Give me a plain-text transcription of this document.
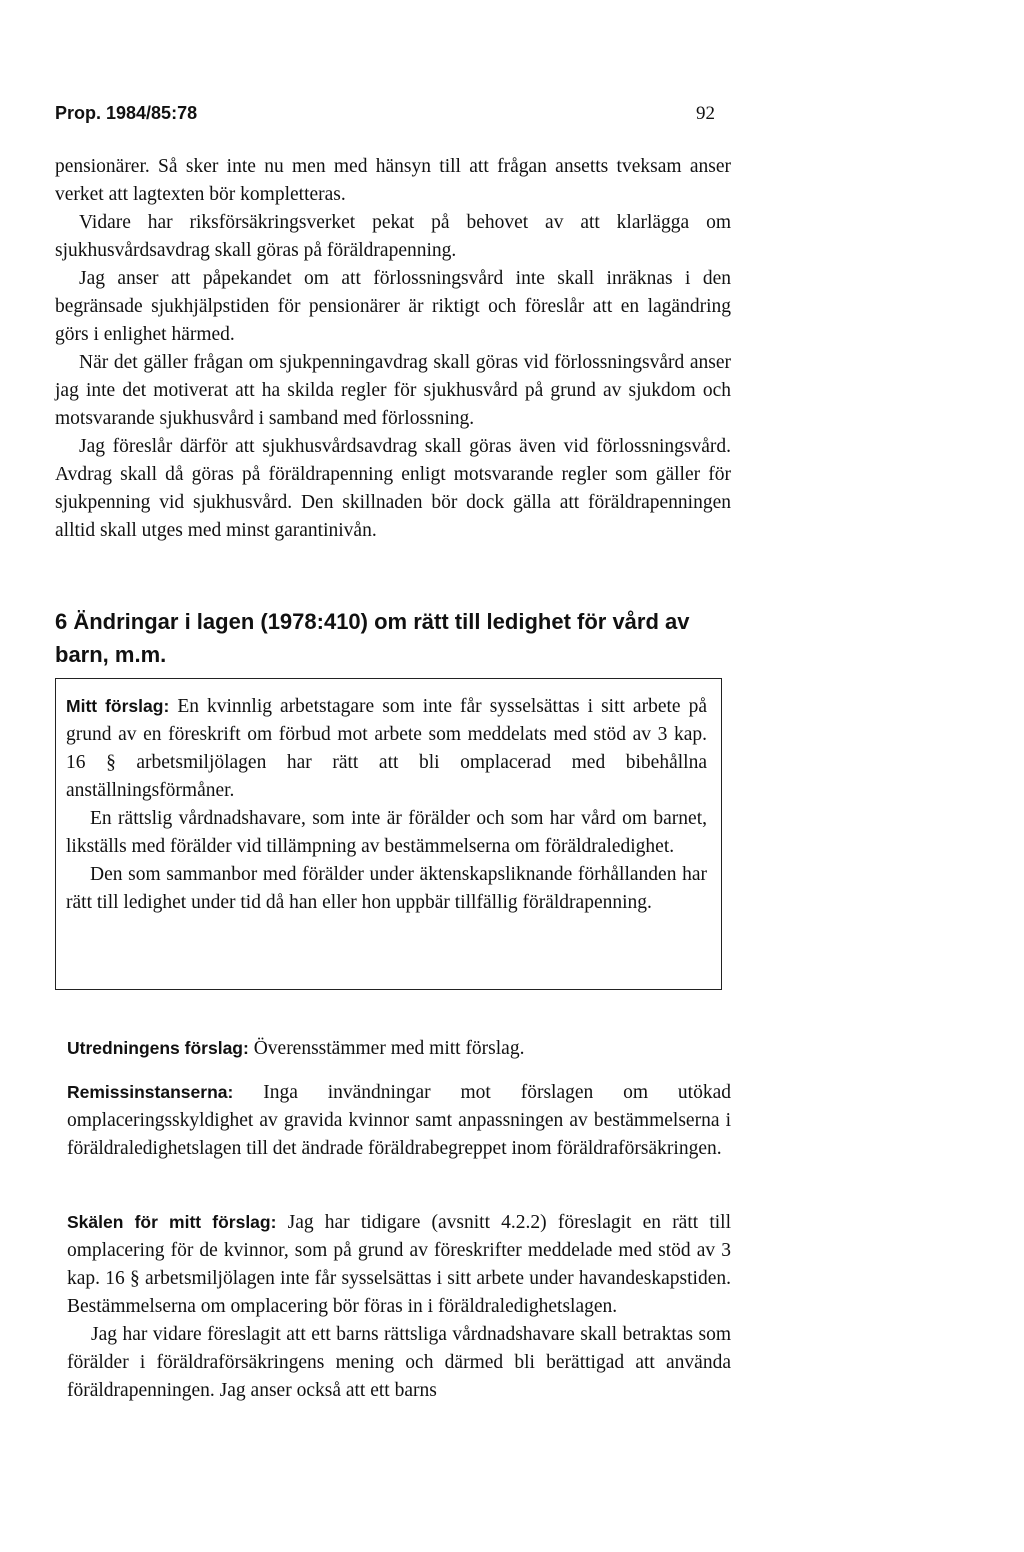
Prop. 1984/85:78	92

pensionärer. Så sker inte nu men med hänsyn till att frågan ansetts tveksam anser verket att lagtexten bör kompletteras.

Vidare har riksförsäkringsverket pekat på behovet av att klarlägga om sjukhusvårdsavdrag skall göras på föräldrapenning.

Jag anser att påpekandet om att förlossningsvård inte skall inräknas i den begränsade sjukhjälpstiden för pensionärer är riktigt och föreslår att en lagändring görs i enlighet härmed.

När det gäller frågan om sjukpenningavdrag skall göras vid förlossningsvård anser jag inte det motiverat att ha skilda regler för sjukhusvård på grund av sjukdom och motsvarande sjukhusvård i samband med förlossning.

Jag föreslår därför att sjukhusvårdsavdrag skall göras även vid förlossningsvård. Avdrag skall då göras på föräldrapenning enligt motsvarande regler som gäller för sjukpenning vid sjukhusvård. Den skillnaden bör dock gälla att föräldrapenningen alltid skall utges med minst garantinivån.

6 Ändringar i lagen (1978:410) om rätt till ledighet för vård av barn, m.m.

Mitt förslag: En kvinnlig arbetstagare som inte får sysselsättas i sitt arbete på grund av en föreskrift om förbud mot arbete som meddelats med stöd av 3 kap. 16 § arbetsmiljölagen har rätt att bli omplacerad med bibehållna anställningsförmåner.

En rättslig vårdnadshavare, som inte är förälder och som har vård om barnet, likställs med förälder vid tillämpning av bestämmelserna om föräldraledighet.

Den som sammanbor med förälder under äktenskapsliknande förhållanden har rätt till ledighet under tid då han eller hon uppbär tillfällig föräldrapenning.

Utredningens förslag: Överensstämmer med mitt förslag.

Remissinstanserna: Inga invändningar mot förslagen om utökad omplaceringsskyldighet av gravida kvinnor samt anpassningen av bestämmelserna i föräldraledighetslagen till det ändrade föräldrabegreppet inom föräldraförsäkringen.

Skälen för mitt förslag: Jag har tidigare (avsnitt 4.2.2) föreslagit en rätt till omplacering för de kvinnor, som på grund av föreskrifter meddelade med stöd av 3 kap. 16 § arbetsmiljölagen inte får sysselsättas i sitt arbete under havandeskapstiden. Bestämmelserna om omplacering bör föras in i föräldraledighetslagen.

Jag har vidare föreslagit att ett barns rättsliga vårdnadshavare skall betraktas som förälder i föräldraförsäkringens mening och därmed bli berättigad att använda föräldrapenningen. Jag anser också att ett barns
